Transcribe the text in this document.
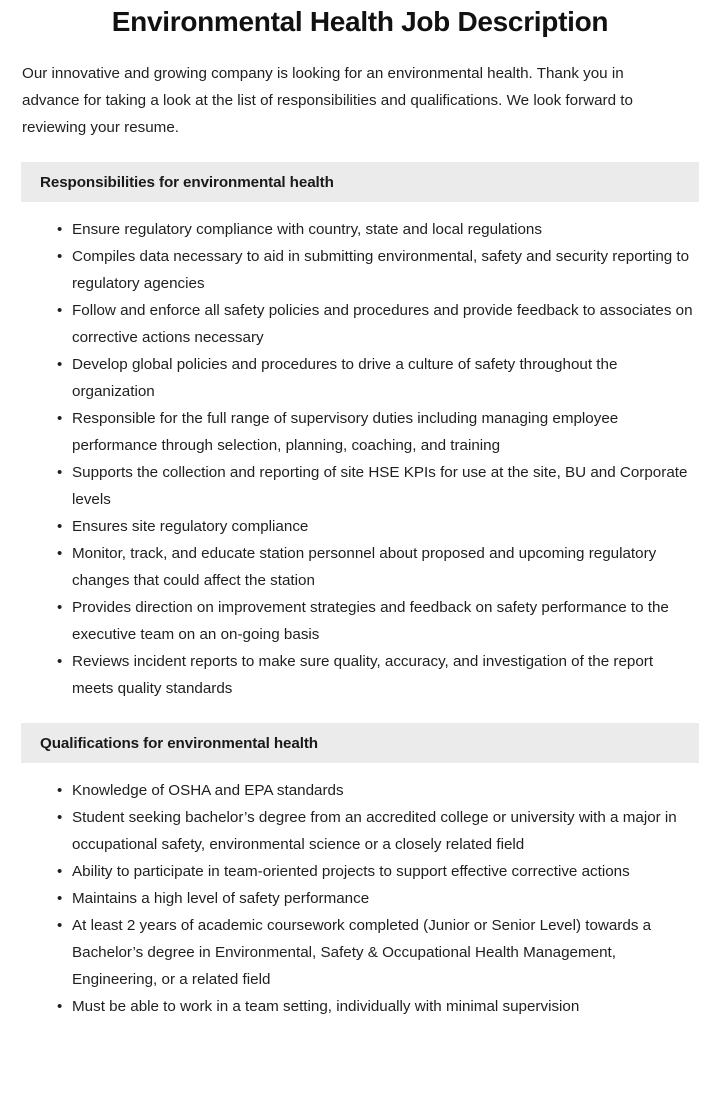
Environmental Health Job Description

Our innovative and growing company is looking for an environmental health. Thank you in advance for taking a look at the list of responsibilities and qualifications. We look forward to reviewing your resume.

Responsibilities for environmental health
• Ensure regulatory compliance with country, state and local regulations
• Compiles data necessary to aid in submitting environmental, safety and security reporting to regulatory agencies
• Follow and enforce all safety policies and procedures and provide feedback to associates on corrective actions necessary
• Develop global policies and procedures to drive a culture of safety throughout the organization
• Responsible for the full range of supervisory duties including managing employee performance through selection, planning, coaching, and training
• Supports the collection and reporting of site HSE KPIs for use at the site, BU and Corporate levels
• Ensures site regulatory compliance
• Monitor, track, and educate station personnel about proposed and upcoming regulatory changes that could affect the station
• Provides direction on improvement strategies and feedback on safety performance to the executive team on an on-going basis
• Reviews incident reports to make sure quality, accuracy, and investigation of the report meets quality standards
Qualifications for environmental health
• Knowledge of OSHA and EPA standards
• Student seeking bachelor’s degree from an accredited college or university with a major in occupational safety, environmental science or a closely related field
• Ability to participate in team-oriented projects to support effective corrective actions
• Maintains a high level of safety performance
• At least 2 years of academic coursework completed (Junior or Senior Level) towards a Bachelor’s degree in Environmental, Safety & Occupational Health Management, Engineering, or a related field
• Must be able to work in a team setting, individually with minimal supervision
